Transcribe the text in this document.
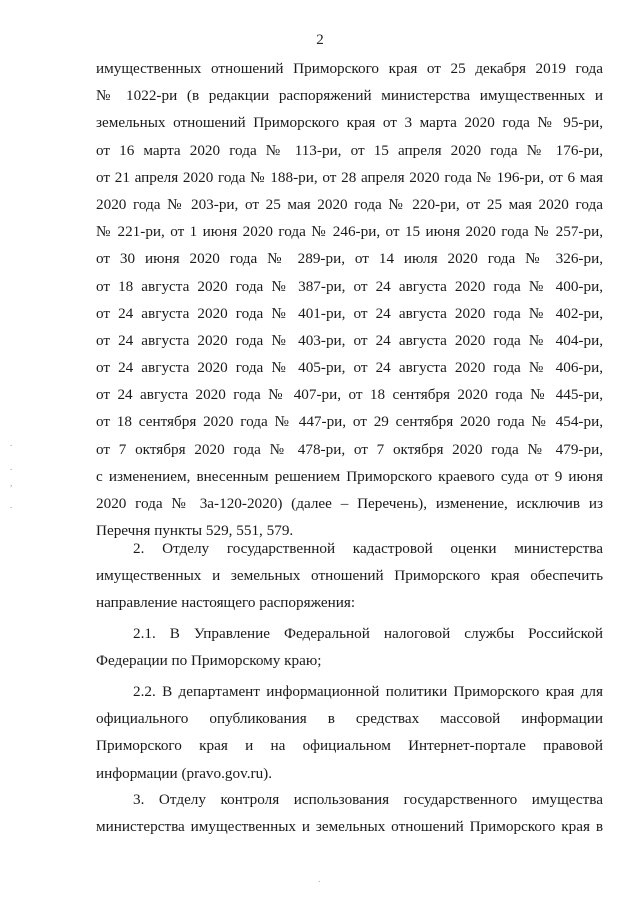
2
имущественных отношений Приморского края от 25 декабря 2019 года
№ 1022-ри (в редакции распоряжений министерства имущественных и
земельных отношений Приморского края от 3 марта 2020 года № 95-ри,
от 16 марта 2020 года № 113-ри, от 15 апреля 2020 года № 176-ри,
от 21 апреля 2020 года № 188-ри, от 28 апреля 2020 года № 196-ри, от 6 мая
2020 года № 203-ри, от 25 мая 2020 года № 220-ри, от 25 мая 2020 года
№ 221-ри, от 1 июня 2020 года № 246-ри, от 15 июня 2020 года № 257-ри,
от 30 июня 2020 года № 289-ри, от 14 июля 2020 года № 326-ри,
от 18 августа 2020 года № 387-ри, от 24 августа 2020 года № 400-ри,
от 24 августа 2020 года № 401-ри, от 24 августа 2020 года № 402-ри,
от 24 августа 2020 года № 403-ри, от 24 августа 2020 года № 404-ри,
от 24 августа 2020 года № 405-ри, от 24 августа 2020 года № 406-ри,
от 24 августа 2020 года № 407-ри, от 18 сентября 2020 года № 445-ри,
от 18 сентября 2020 года № 447-ри, от 29 сентября 2020 года № 454-ри,
от 7 октября 2020 года № 478-ри, от 7 октября 2020 года № 479-ри,
с изменением, внесенным решением Приморского краевого суда от 9 июня
2020 года № 3а-120-2020) (далее – Перечень), изменение, исключив из
Перечня пункты 529, 551, 579.
2. Отделу государственной кадастровой оценки министерства
имущественных и земельных отношений Приморского края обеспечить
направление настоящего распоряжения:
2.1. В Управление Федеральной налоговой службы Российской
Федерации по Приморскому краю;
2.2. В департамент информационной политики Приморского края для
официального опубликования в средствах массовой информации
Приморского края и на официальном Интернет-портале правовой
информации (pravo.gov.ru).
3. Отделу контроля использования государственного имущества
министерства имущественных и земельных отношений Приморского края в
.
.
,
.
.
